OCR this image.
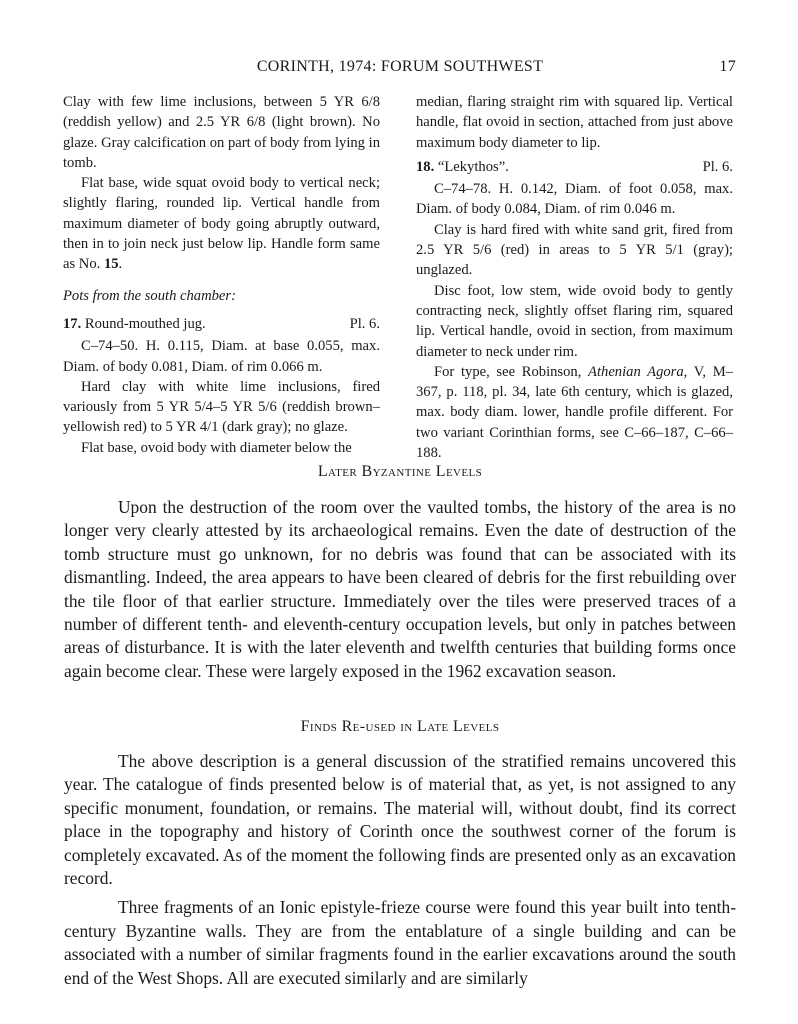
CORINTH, 1974: FORUM SOUTHWEST	17

Clay with few lime inclusions, between 5 YR 6/8 (reddish yellow) and 2.5 YR 6/8 (light brown). No glaze. Gray calcification on part of body from lying in tomb.

Flat base, wide squat ovoid body to vertical neck; slightly flaring, rounded lip. Vertical handle from maximum diameter of body going abruptly outward, then in to join neck just below lip. Handle form same as No. 15.

Pots from the south chamber:

17. Round-mouthed jug.	Pl. 6.

C–74–50. H. 0.115, Diam. at base 0.055, max. Diam. of body 0.081, Diam. of rim 0.066 m.

Hard clay with white lime inclusions, fired variously from 5 YR 5/4–5 YR 5/6 (reddish brown–yellowish red) to 5 YR 4/1 (dark gray); no glaze.

Flat base, ovoid body with diameter below the

median, flaring straight rim with squared lip. Vertical handle, flat ovoid in section, attached from just above maximum body diameter to lip.

18. “Lekythos”.	Pl. 6.

C–74–78. H. 0.142, Diam. of foot 0.058, max. Diam. of body 0.084, Diam. of rim 0.046 m.

Clay is hard fired with white sand grit, fired from 2.5 YR 5/6 (red) in areas to 5 YR 5/1 (gray); unglazed.

Disc foot, low stem, wide ovoid body to gently contracting neck, slightly offset flaring rim, squared lip. Vertical handle, ovoid in section, from maximum diameter to neck under rim.

For type, see Robinson, Athenian Agora, V, M–367, p. 118, pl. 34, late 6th century, which is glazed, max. body diam. lower, handle profile different. For two variant Corinthian forms, see C–66–187, C–66–188.

Later Byzantine Levels

Upon the destruction of the room over the vaulted tombs, the history of the area is no longer very clearly attested by its archaeological remains. Even the date of destruction of the tomb structure must go unknown, for no debris was found that can be associated with its dismantling. Indeed, the area appears to have been cleared of debris for the first rebuilding over the tile floor of that earlier structure. Immediately over the tiles were preserved traces of a number of different tenth- and eleventh-century occupation levels, but only in patches between areas of disturbance. It is with the later eleventh and twelfth centuries that building forms once again become clear. These were largely exposed in the 1962 excavation season.

Finds Re-used in Late Levels

The above description is a general discussion of the stratified remains uncovered this year. The catalogue of finds presented below is of material that, as yet, is not assigned to any specific monument, foundation, or remains. The material will, without doubt, find its correct place in the topography and history of Corinth once the southwest corner of the forum is completely excavated. As of the moment the following finds are presented only as an excavation record.

Three fragments of an Ionic epistyle-frieze course were found this year built into tenth-century Byzantine walls. They are from the entablature of a single building and can be associated with a number of similar fragments found in the earlier excavations around the south end of the West Shops. All are executed similarly and are similarly
